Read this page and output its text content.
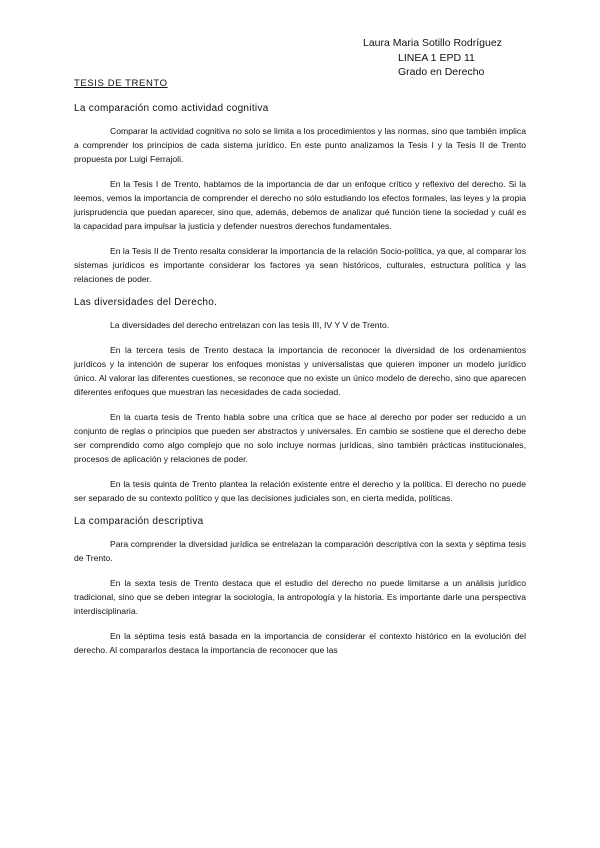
Laura Maria Sotillo Rodríguez
LINEA 1 EPD 11
Grado en Derecho
TESIS DE TRENTO
La comparación como actividad cognitiva

Comparar la actividad cognitiva no solo se limita a los procedimientos y las normas, sino que también implica a comprender los principios de cada sistema jurídico. En este punto analizamos la Tesis I y la Tesis II de Trento propuesta por Luigi Ferrajoli.

En la Tesis I de Trento, hablamos de la importancia de dar un enfoque crítico y reflexivo del derecho. Si la leemos, vemos la importancia de comprender el derecho no sólo estudiando los efectos formales, las leyes y la propia jurisprudencia que puedan aparecer, sino que, además, debemos de analizar qué función tiene la sociedad y cuál es la capacidad para impulsar la justicia y defender nuestros derechos fundamentales.

En la Tesis II de Trento resalta considerar la importancia de la relación Socio-política, ya que, al comparar los sistemas jurídicos es importante considerar los factores ya sean históricos, culturales, estructura política y las relaciones de poder.

Las diversidades del Derecho.

La diversidades del derecho entrelazan con las tesis III, IV Y V de Trento.

En la tercera tesis de Trento destaca la importancia de reconocer la diversidad de los ordenamientos jurídicos y la intención de superar los enfoques monistas y universalistas que quieren imponer un modelo jurídico único. Al valorar las diferentes cuestiones, se reconoce que no existe un único modelo de derecho, sino que aparecen diferentes enfoques que muestran las necesidades de cada sociedad.

En la cuarta tesis de Trento habla sobre una crítica que se hace al derecho por poder ser reducido a un conjunto de reglas o principios que pueden ser abstractos y universales. En cambio se sostiene que el derecho debe ser comprendido como algo complejo que no solo incluye normas jurídicas, sino también prácticas institucionales, procesos de aplicación y relaciones de poder.

En la tesis quinta de Trento plantea la relación existente entre el derecho y la política. El derecho no puede ser separado de su contexto político y que las decisiones judiciales son, en cierta medida, políticas.

La comparación descriptiva

Para comprender la diversidad jurídica se entrelazan la comparación descriptiva con la sexta y séptima tesis de Trento.

En la sexta tesis de Trento destaca que el estudio del derecho no puede limitarse a un análisis jurídico tradicional, sino que se deben integrar la sociología, la antropología y la historia. Es importante darle una perspectiva interdisciplinaria.

En la séptima tesis está basada en la importancia de considerar el contexto histórico en la evolución del derecho. Al compararlos destaca la importancia de reconocer que las
